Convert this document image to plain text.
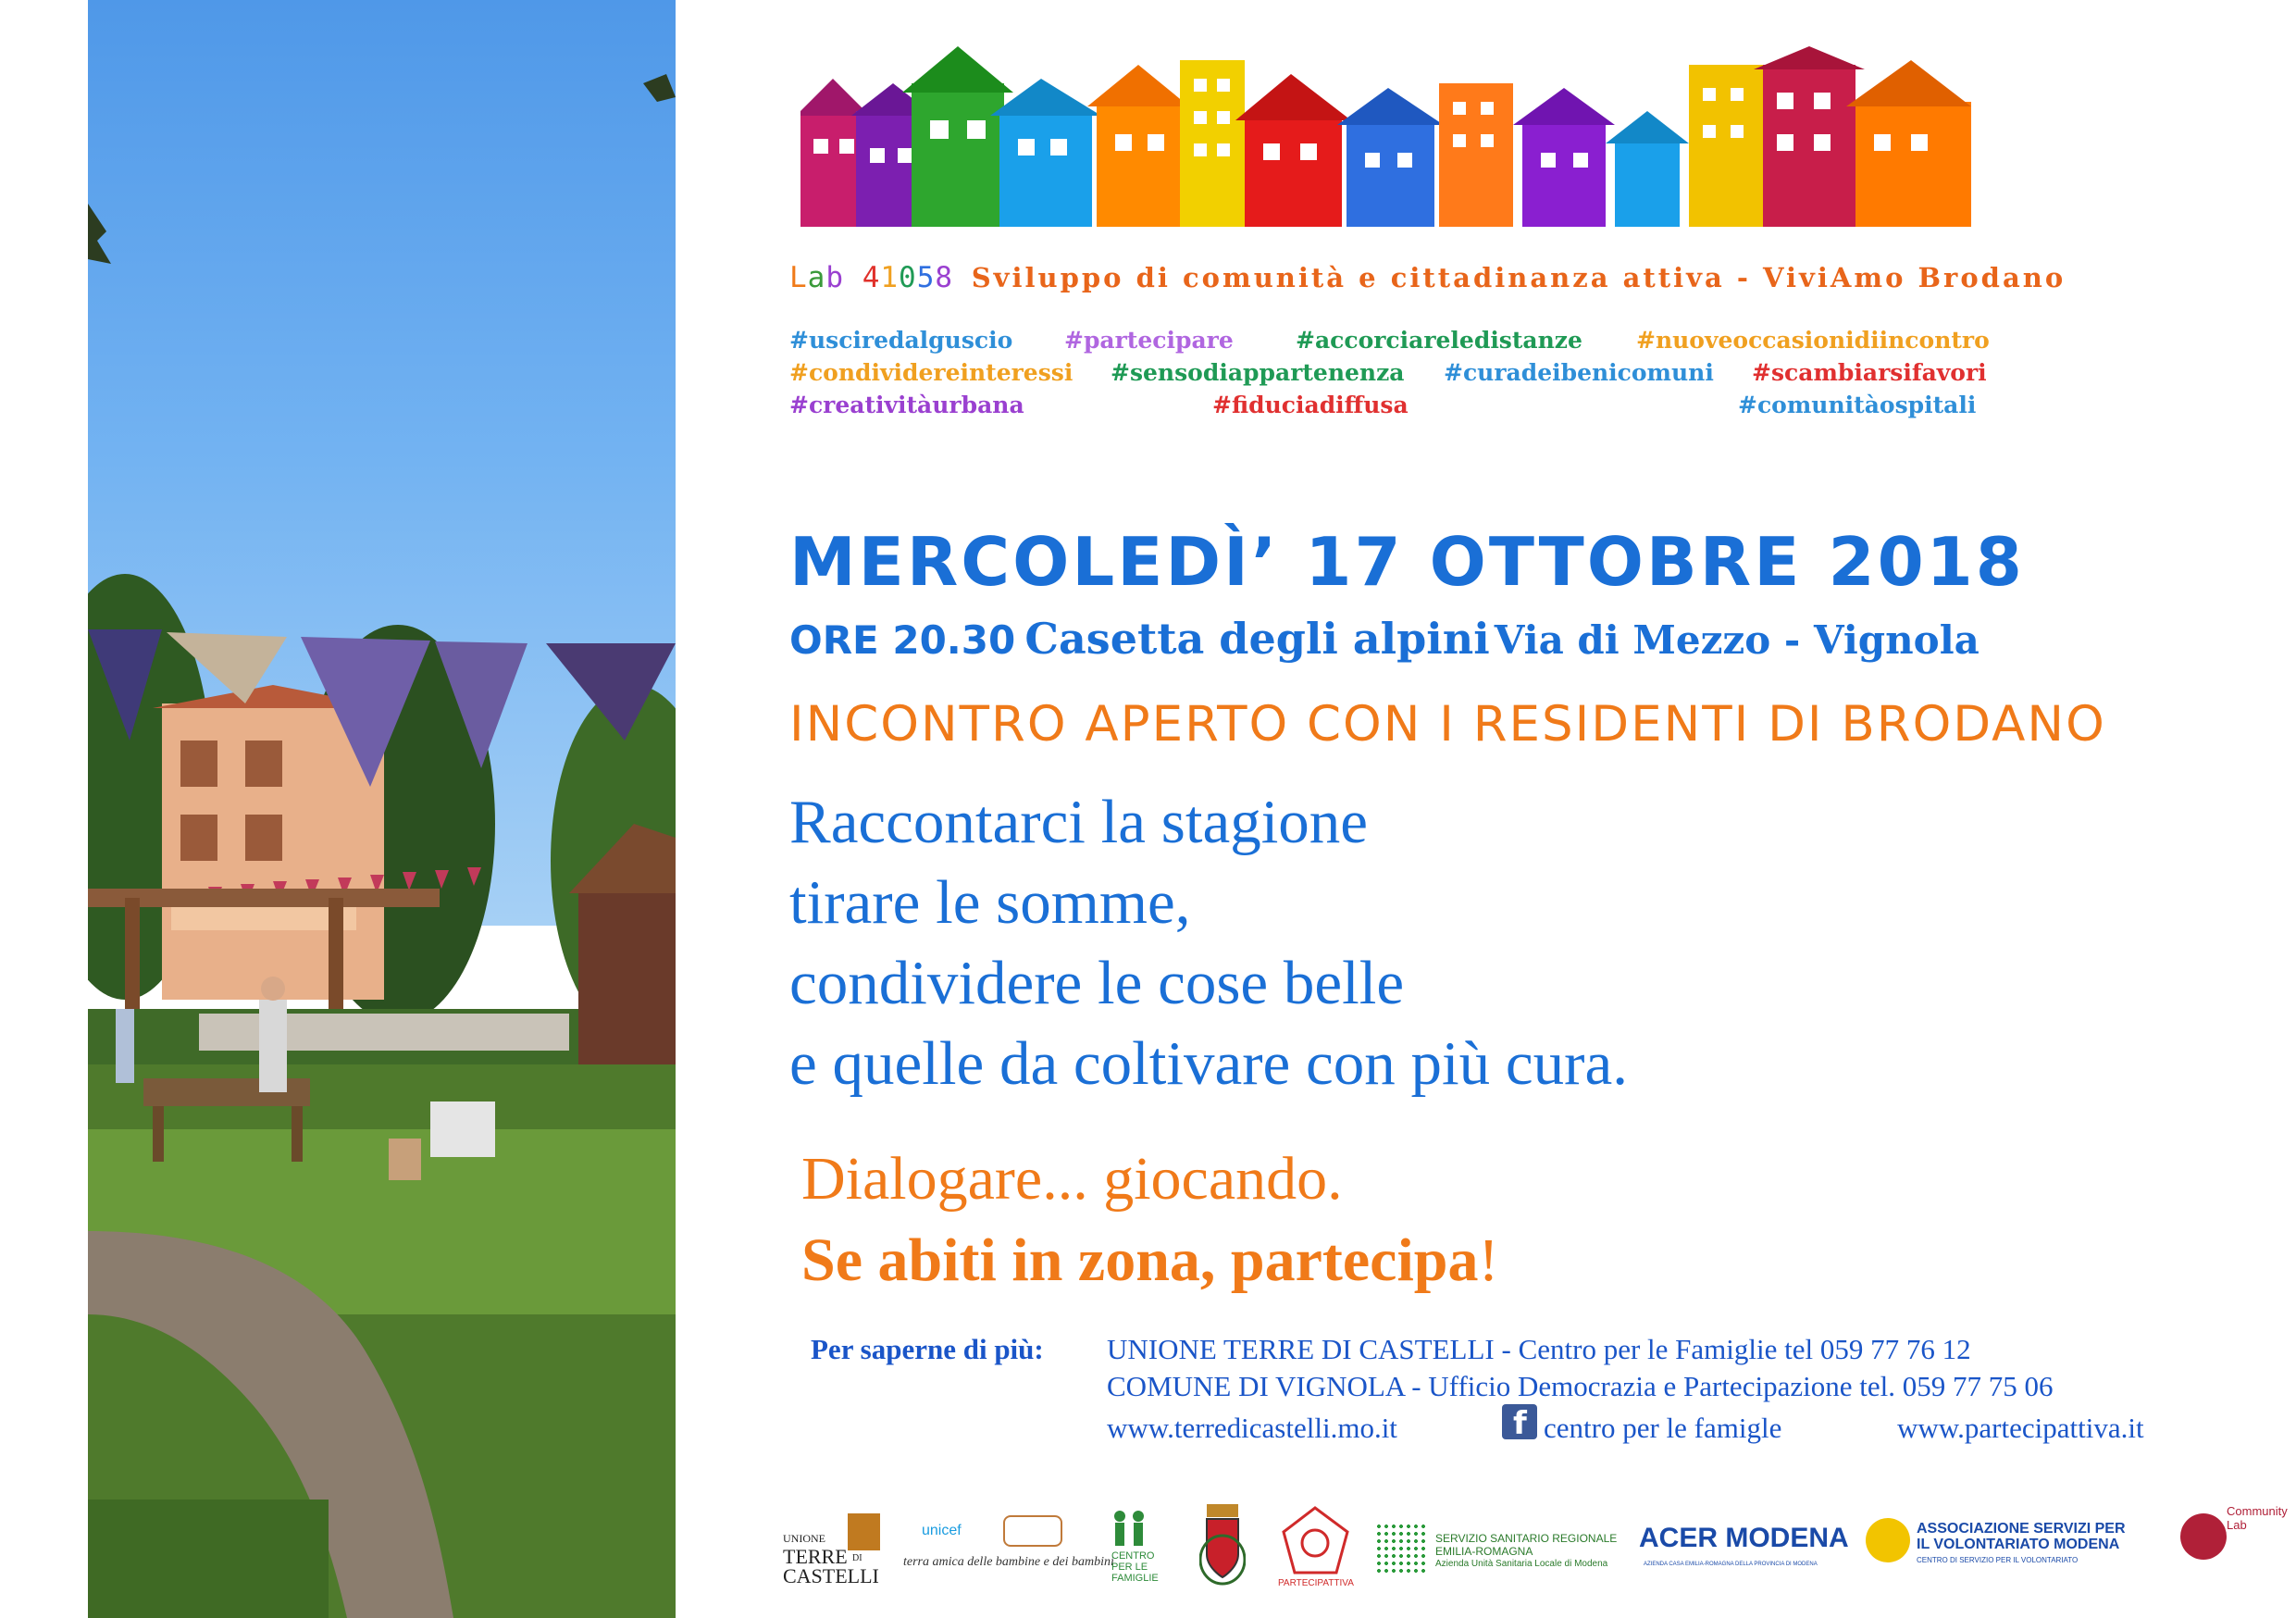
Lab 41058 Sviluppo di comunità e cittadinanza attiva - ViviAmo Brodano
#usciredalguscio #partecipare	#accorciareledistanze #nuoveoccasionidiincontro
#condividereinteressi #sensodiappartenenza #curadeibenicomuni #scambiarsifavori
#creativitàurbana	#fiduciadiffusa	#comunitàospitali
MERCOLEDÌ’ 17 OTTOBRE 2018
ORE 20.30 Casetta degli alpini Via di Mezzo - Vignola
INCONTRO APERTO CON I RESIDENTI DI BRODANO
Raccontarci la stagione
tirare le somme,
condividere le cose belle
e quelle da coltivare con più cura.
Dialogare... giocando.
Se abiti in zona, partecipa!
Per saperne di più: UNIONE TERRE DI CASTELLI - Centro per le Famiglie tel 059 77 76 12
COMUNE DI VIGNOLA - Ufficio Democrazia e Partecipazione tel. 059 77 75 06
www.terredicastelli.mo.it	f centro per le famigle	www.partecipattiva.it
UNIONE
TERRE DI
CASTELLI
unicef
terra amica delle bambine e dei bambini
CENTRO
PER LE
FAMIGLIE	PARTECIPATTIVA
SERVIZIO SANITARIO REGIONALE
EMILIA-ROMAGNA
Azienda Unità Sanitaria Locale di Modena
ACER MODENA
AZIENDA CASA EMILIA-ROMAGNA DELLA PROVINCIA DI MODENA
ASSOCIAZIONE SERVIZI PER
IL VOLONTARIATO MODENA
CENTRO DI SERVIZIO PER IL VOLONTARIATO
Community Lab
